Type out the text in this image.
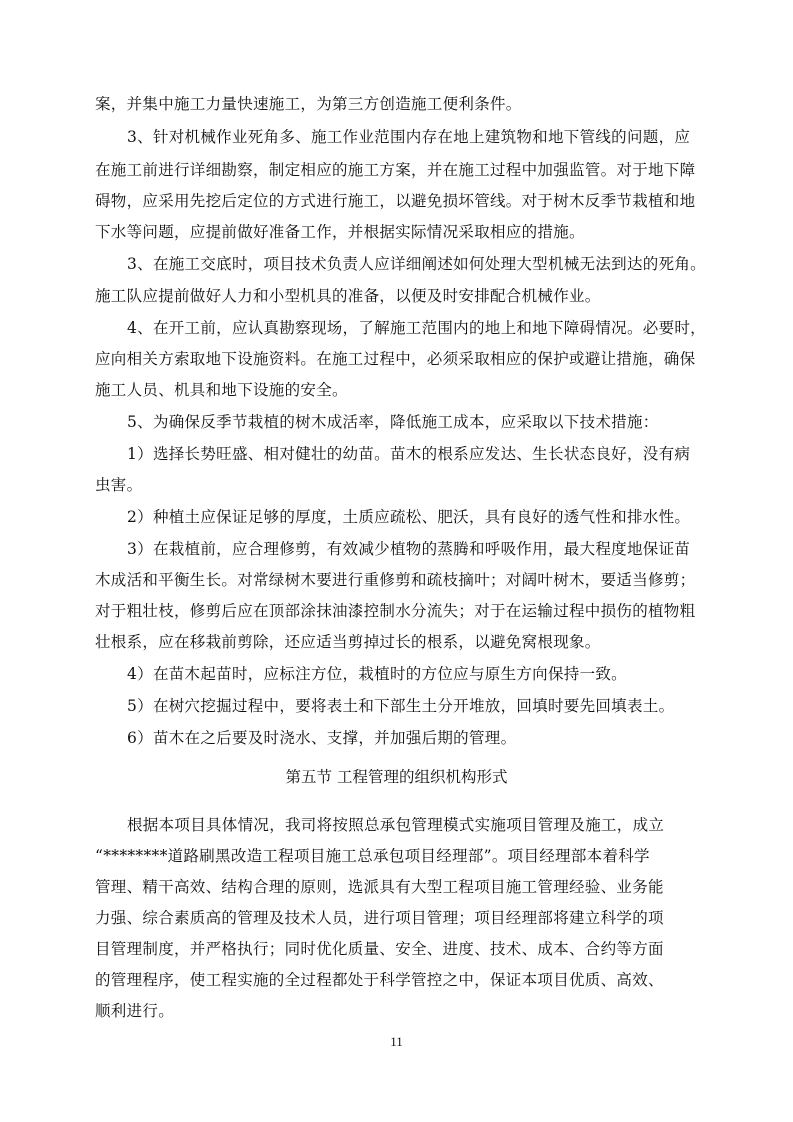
案，并集中施工力量快速施工，为第三方创造施工便利条件。
3、针对机械作业死角多、施工作业范围内存在地上建筑物和地下管线的问题，应
在施工前进行详细勘察，制定相应的施工方案，并在施工过程中加强监管。对于地下障
碍物，应采用先挖后定位的方式进行施工，以避免损坏管线。对于树木反季节栽植和地
下水等问题，应提前做好准备工作，并根据实际情况采取相应的措施。
3、在施工交底时，项目技术负责人应详细阐述如何处理大型机械无法到达的死角。
施工队应提前做好人力和小型机具的准备，以便及时安排配合机械作业。
4、在开工前，应认真勘察现场，了解施工范围内的地上和地下障碍情况。必要时，
应向相关方索取地下设施资料。在施工过程中，必须采取相应的保护或避让措施，确保
施工人员、机具和地下设施的安全。
5、为确保反季节栽植的树木成活率，降低施工成本，应采取以下技术措施：
1）选择长势旺盛、相对健壮的幼苗。苗木的根系应发达、生长状态良好，没有病
虫害。
2）种植土应保证足够的厚度，土质应疏松、肥沃，具有良好的透气性和排水性。
3）在栽植前，应合理修剪，有效减少植物的蒸腾和呼吸作用，最大程度地保证苗
木成活和平衡生长。对常绿树木要进行重修剪和疏枝摘叶；对阔叶树木，要适当修剪；
对于粗壮枝，修剪后应在顶部涂抹油漆控制水分流失；对于在运输过程中损伤的植物粗
壮根系，应在移栽前剪除，还应适当剪掉过长的根系，以避免窝根现象。
4）在苗木起苗时，应标注方位，栽植时的方位应与原生方向保持一致。
5）在树穴挖掘过程中，要将表土和下部生土分开堆放，回填时要先回填表土。
6）苗木在之后要及时浇水、支撑，并加强后期的管理。
第五节 工程管理的组织机构形式
根据本项目具体情况，我司将按照总承包管理模式实施项目管理及施工，成立
“********道路刷黑改造工程项目施工总承包项目经理部”。项目经理部本着科学
管理、精干高效、结构合理的原则，选派具有大型工程项目施工管理经验、业务能
力强、综合素质高的管理及技术人员，进行项目管理；项目经理部将建立科学的项
目管理制度，并严格执行；同时优化质量、安全、进度、技术、成本、合约等方面
的管理程序，使工程实施的全过程都处于科学管控之中，保证本项目优质、高效、
顺利进行。
11
